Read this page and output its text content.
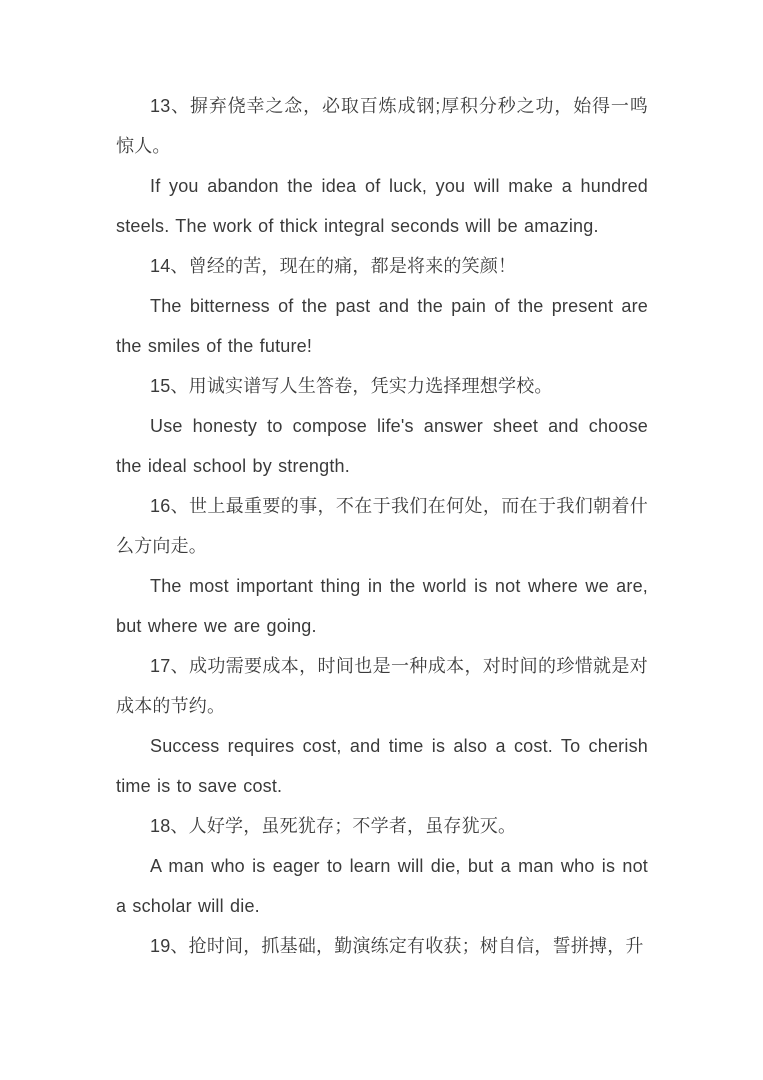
13、摒弃侥幸之念，必取百炼成钢;厚积分秒之功，始得一鸣惊人。

If you abandon the idea of luck, you will make a hundred steels. The work of thick integral seconds will be amazing.

14、曾经的苦，现在的痛，都是将来的笑颜！

The bitterness of the past and the pain of the present are the smiles of the future!

15、用诚实谱写人生答卷，凭实力选择理想学校。

Use honesty to compose life's answer sheet and choose the ideal school by strength.

16、世上最重要的事，不在于我们在何处，而在于我们朝着什么方向走。

The most important thing in the world is not where we are, but where we are going.

17、成功需要成本，时间也是一种成本，对时间的珍惜就是对成本的节约。

Success requires cost, and time is also a cost. To cherish time is to save cost.

18、人好学，虽死犹存；不学者，虽存犹灭。

A man who is eager to learn will die, but a man who is not a scholar will die.

19、抢时间，抓基础，勤演练定有收获；树自信，誓拼搏，升
